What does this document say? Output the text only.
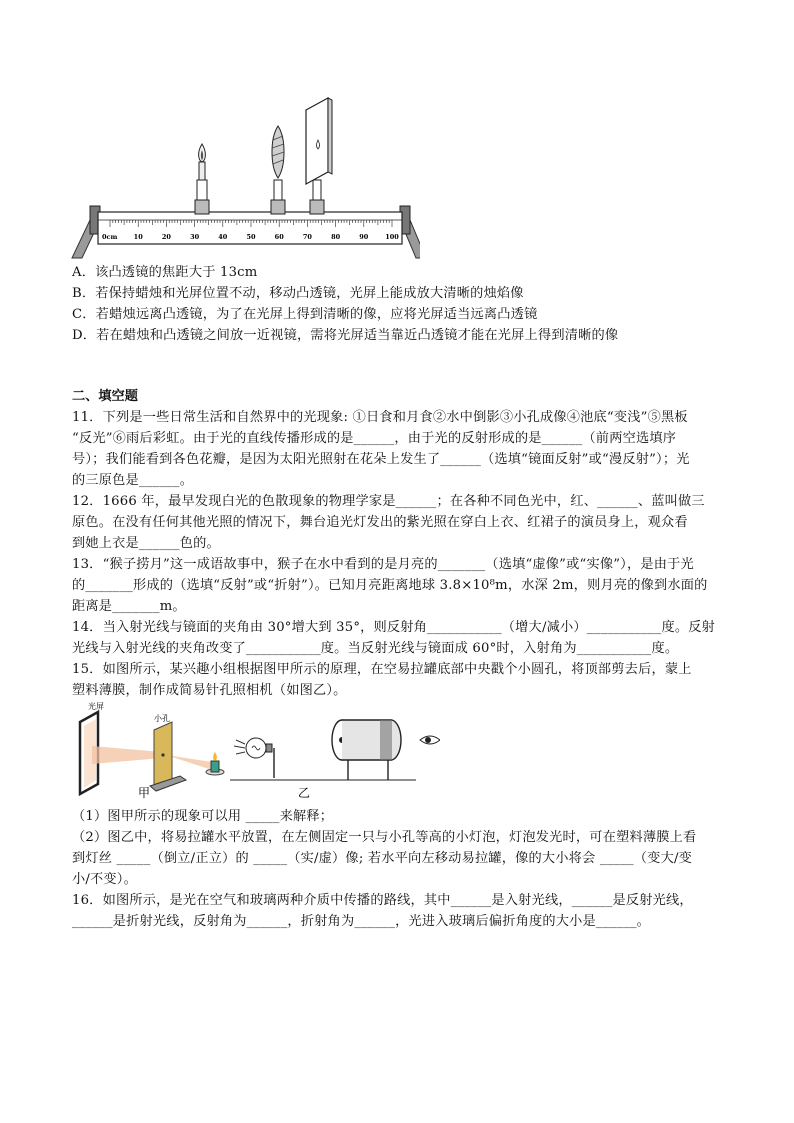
0cm	10	20	30	40	50	60	70	80	90	100
A．该凸透镜的焦距大于 13cm
B．若保持蜡烛和光屏位置不动，移动凸透镜，光屏上能成放大清晰的烛焰像
C．若蜡烛远离凸透镜，为了在光屏上得到清晰的像，应将光屏适当远离凸透镜
D．若在蜡烛和凸透镜之间放一近视镜，需将光屏适当靠近凸透镜才能在光屏上得到清晰的像
二、填空题
11．下列是一些日常生活和自然界中的光现象: ①日食和月食②水中倒影③小孔成像④池底“变浅”⑤黑板
“反光”⑥雨后彩虹。由于光的直线传播形成的是______，由于光的反射形成的是______（前两空选填序
号）；我们能看到各色花瓣，是因为太阳光照射在花朵上发生了______（选填“镜面反射”或“漫反射”）；光
的三原色是______。
12．1666 年，最早发现白光的色散现象的物理学家是______；在各种不同色光中，红、______、蓝叫做三
原色。在没有任何其他光照的情况下，舞台追光灯发出的紫光照在穿白上衣、红裙子的演员身上，观众看
到她上衣是______色的。
13．“猴子捞月”这一成语故事中，猴子在水中看到的是月亮的_______（选填“虚像”或“实像”），是由于光
的_______形成的（选填“反射”或“折射”）。已知月亮距离地球 3.8×10⁸m，水深 2m，则月亮的像到水面的
距离是_______m。
14．当入射光线与镜面的夹角由 30°增大到 35°，则反射角___________（增大/减小）___________度。反射
光线与入射光线的夹角改变了___________度。当反射光线与镜面成 60°时，入射角为___________度。
15．如图所示，某兴趣小组根据图甲所示的原理，在空易拉罐底部中央戳个小圆孔，将顶部剪去后，蒙上
塑料薄膜，制作成简易针孔照相机（如图乙）。
光屏
小孔
甲	乙
（1）图甲所示的现象可以用 _____来解释；
（2）图乙中，将易拉罐水平放置，在左侧固定一只与小孔等高的小灯泡，灯泡发光时，可在塑料薄膜上看
到灯丝 _____（倒立/正立）的 _____（实/虚）像; 若水平向左移动易拉罐，像的大小将会 _____（变大/变
小/不变）。
16．如图所示，是光在空气和玻璃两种介质中传播的路线，其中______是入射光线，______是反射光线，
______是折射光线，反射角为______，折射角为______，光进入玻璃后偏折角度的大小是______。
